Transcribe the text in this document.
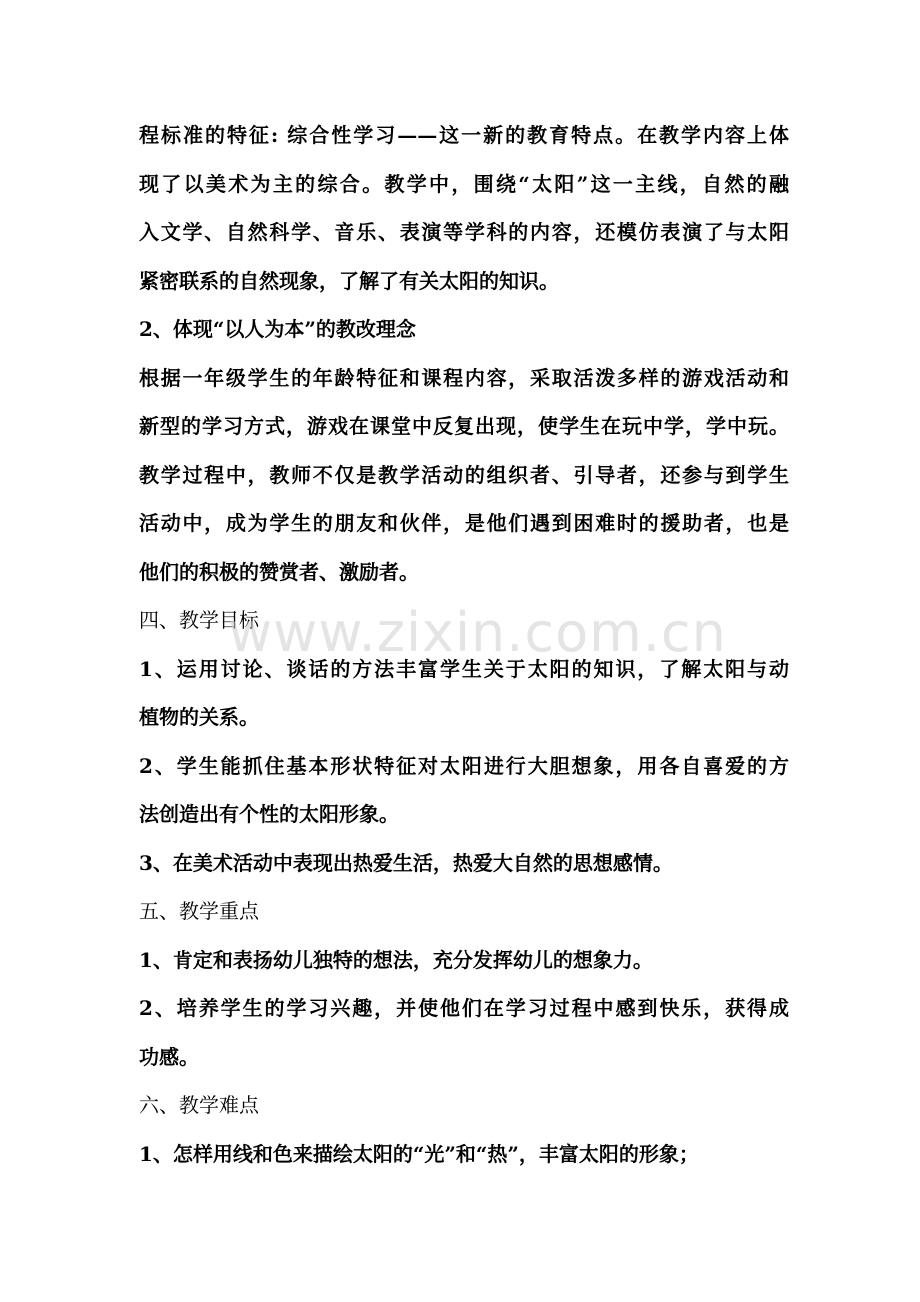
程标准的特征: 综合性学习——这一新的教育特点。在教学内容上体
现了以美术为主的综合。教学中，围绕“太阳”这一主线，自然的融
入文学、自然科学、音乐、表演等学科的内容，还模仿表演了与太阳
紧密联系的自然现象，了解了有关太阳的知识。
2、体现“以人为本”的教改理念
根据一年级学生的年龄特征和课程内容，采取活泼多样的游戏活动和
新型的学习方式，游戏在课堂中反复出现，使学生在玩中学，学中玩。
教学过程中，教师不仅是教学活动的组织者、引导者，还参与到学生
活动中，成为学生的朋友和伙伴，是他们遇到困难时的援助者，也是
他们的积极的赞赏者、激励者。
四、教学目标
1、运用讨论、谈话的方法丰富学生关于太阳的知识，了解太阳与动
植物的关系。
2、学生能抓住基本形状特征对太阳进行大胆想象，用各自喜爱的方
法创造出有个性的太阳形象。
3、在美术活动中表现出热爱生活，热爱大自然的思想感情。
五、教学重点
1、肯定和表扬幼儿独特的想法，充分发挥幼儿的想象力。
2、培养学生的学习兴趣，并使他们在学习过程中感到快乐，获得成
功感。
六、教学难点
1、怎样用线和色来描绘太阳的“光”和“热”，丰富太阳的形象；
www.zixin.com.cn
